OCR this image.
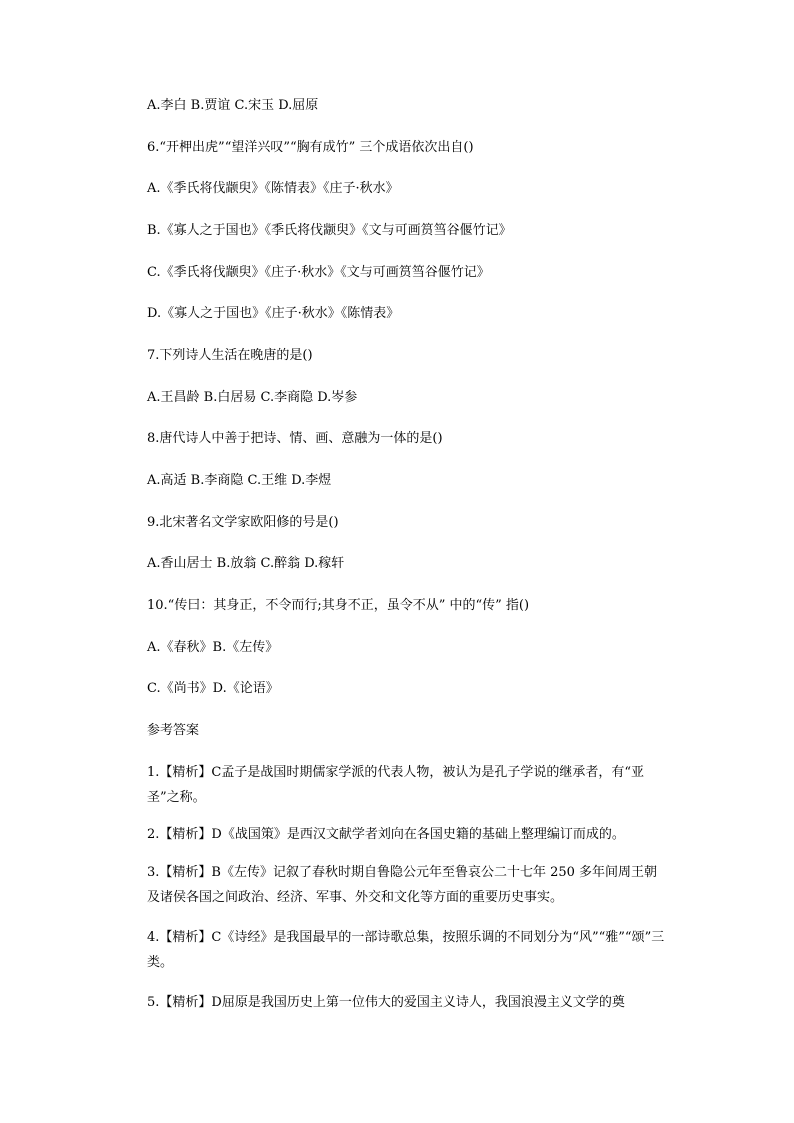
A.李白 B.贾谊 C.宋玉 D.屈原
6.“开柙出虎”“望洋兴叹”“胸有成竹” 三个成语依次出自()
A.《季氏将伐颛臾》《陈情表》《庄子·秋水》
B.《寡人之于国也》《季氏将伐颛臾》《文与可画筼筜谷偃竹记》
C.《季氏将伐颛臾》《庄子·秋水》《文与可画筼筜谷偃竹记》
D.《寡人之于国也》《庄子·秋水》《陈情表》
7.下列诗人生活在晚唐的是()
A.王昌龄 B.白居易 C.李商隐 D.岑参
8.唐代诗人中善于把诗、情、画、意融为一体的是()
A.高适 B.李商隐 C.王维 D.李煜
9.北宋著名文学家欧阳修的号是()
A.香山居士 B.放翁 C.醉翁 D.稼轩
10.“传曰：其身正，不令而行;其身不正，虽令不从” 中的“传” 指()
A.《春秋》B.《左传》
C.《尚书》D.《论语》
参考答案
1.【精析】C孟子是战国时期儒家学派的代表人物，被认为是孔子学说的继承者，有“亚圣”之称。
2.【精析】D《战国策》是西汉文献学者刘向在各国史籍的基础上整理编订而成的。
3.【精析】B《左传》记叙了春秋时期自鲁隐公元年至鲁哀公二十七年 250 多年间周王朝及诸侯各国之间政治、经济、军事、外交和文化等方面的重要历史事实。
4.【精析】C《诗经》是我国最早的一部诗歌总集，按照乐调的不同划分为“风”“雅”“颂”三类。
5.【精析】D屈原是我国历史上第一位伟大的爱国主义诗人，我国浪漫主义文学的奠
